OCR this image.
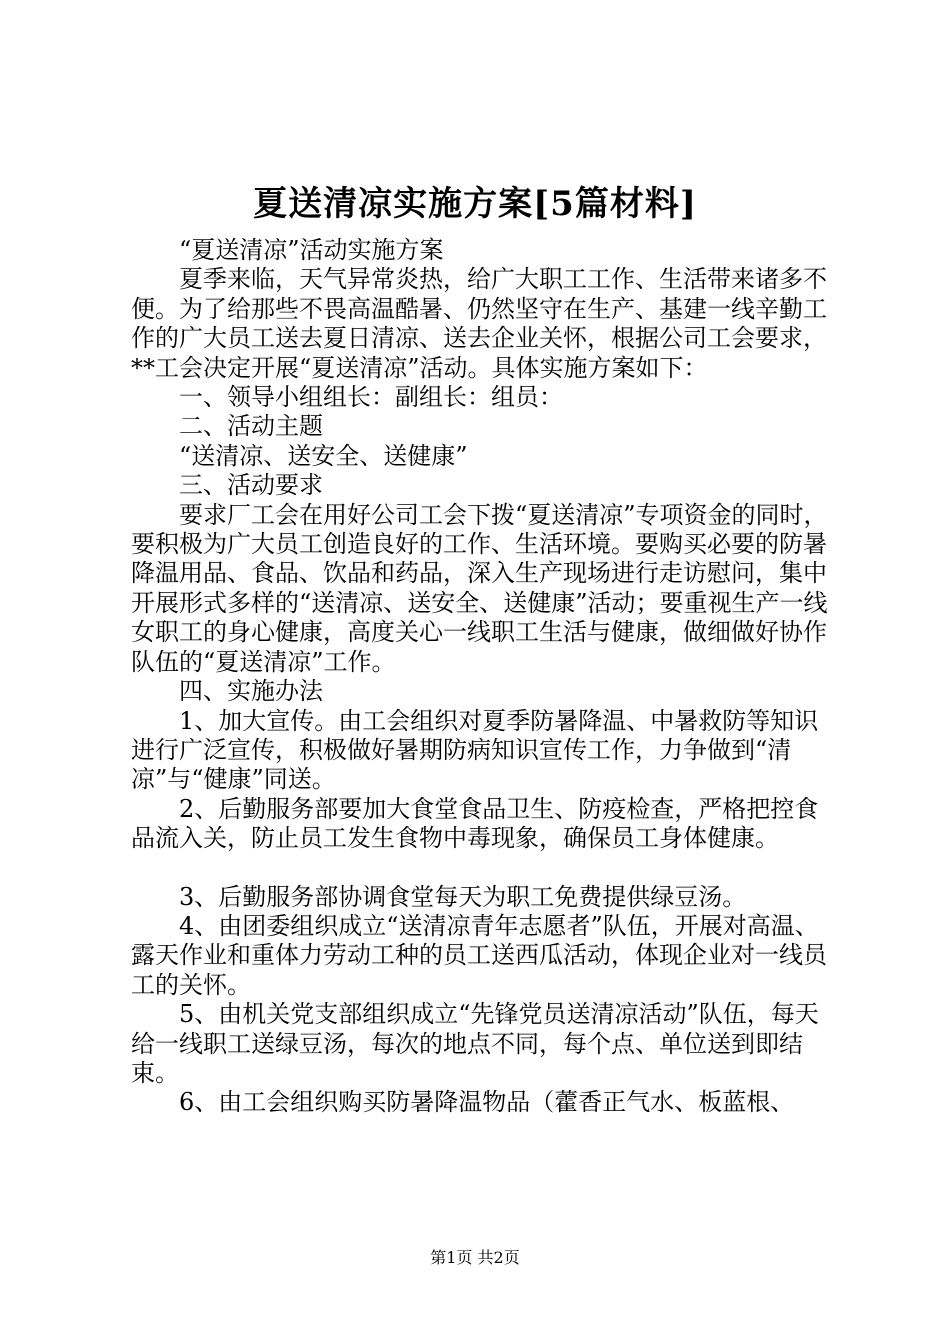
夏送清凉实施方案[5篇材料]

“夏送清凉”活动实施方案

夏季来临，天气异常炎热，给广大职工工作、生活带来诸多不便。为了给那些不畏高温酷暑、仍然坚守在生产、基建一线辛勤工作的广大员工送去夏日清凉、送去企业关怀，根据公司工会要求，**工会决定开展“夏送清凉”活动。具体实施方案如下：

一、领导小组组长：副组长：组员：

二、活动主题

“送清凉、送安全、送健康”

三、活动要求

要求厂工会在用好公司工会下拨“夏送清凉”专项资金的同时，要积极为广大员工创造良好的工作、生活环境。要购买必要的防暑降温用品、食品、饮品和药品，深入生产现场进行走访慰问，集中开展形式多样的“送清凉、送安全、送健康”活动；要重视生产一线女职工的身心健康，高度关心一线职工生活与健康，做细做好协作队伍的“夏送清凉”工作。

四、实施办法

1、加大宣传。由工会组织对夏季防暑降温、中暑救防等知识进行广泛宣传，积极做好暑期防病知识宣传工作，力争做到“清凉”与“健康”同送。

2、后勤服务部要加大食堂食品卫生、防疫检查，严格把控食品流入关，防止员工发生食物中毒现象，确保员工身体健康。

3、后勤服务部协调食堂每天为职工免费提供绿豆汤。

4、由团委组织成立“送清凉青年志愿者”队伍，开展对高温、露天作业和重体力劳动工种的员工送西瓜活动，体现企业对一线员工的关怀。

5、由机关党支部组织成立“先锋党员送清凉活动”队伍，每天给一线职工送绿豆汤，每次的地点不同，每个点、单位送到即结束。

6、由工会组织购买防暑降温物品（藿香正气水、板蓝根、

第1页 共2页
